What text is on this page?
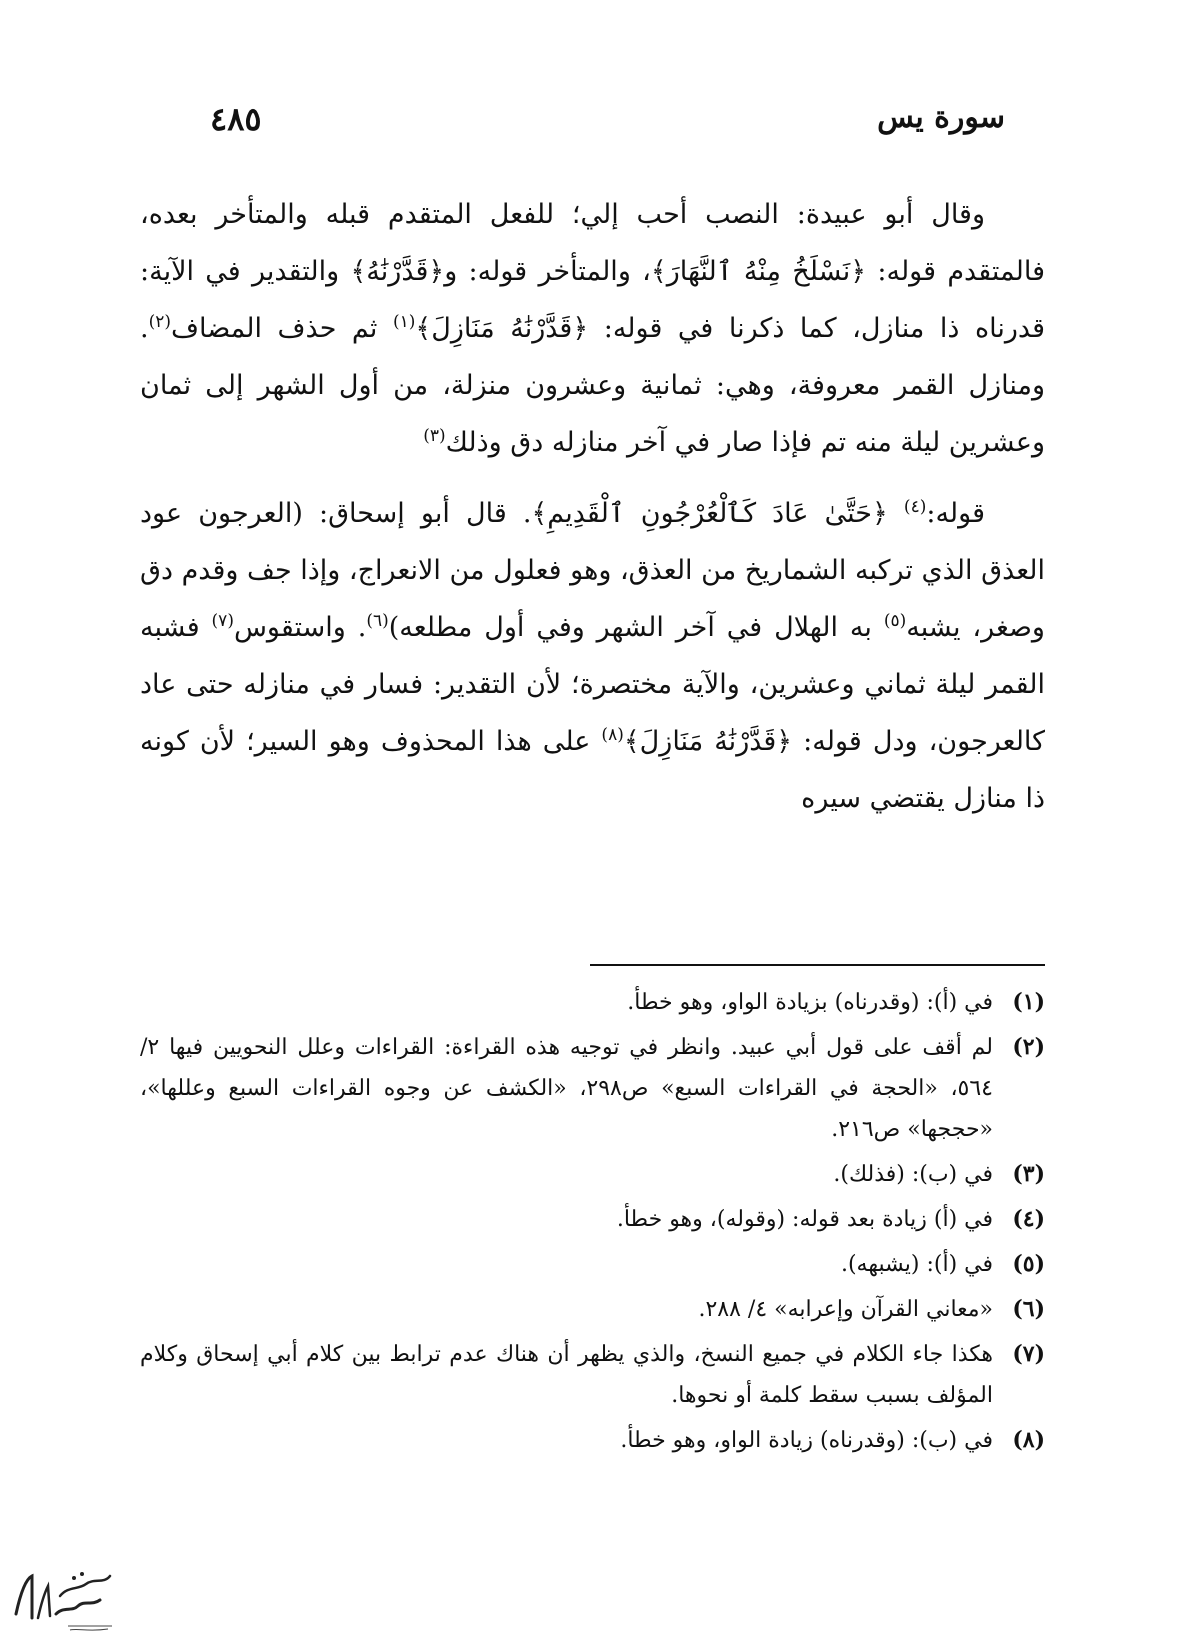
سورة يس
٤٨٥

وقال أبو عبيدة: النصب أحب إلي؛ للفعل المتقدم قبله والمتأخر بعده، فالمتقدم قوله: ﴿نَسْلَخُ مِنْهُ ٱلنَّهَارَ﴾، والمتأخر قوله: و﴿قَدَّرْنَٰهُ﴾ والتقدير في الآية: قدرناه ذا منازل، كما ذكرنا في قوله: ﴿قَدَّرْنَٰهُ مَنَازِلَ﴾$^{(١)}$ ثم حذف المضاف$^{(٢)}$. ومنازل القمر معروفة، وهي: ثمانية وعشرون منزلة، من أول الشهر إلى ثمان وعشرين ليلة منه تم فإذا صار في آخر منازله دق وذلك$^{(٣)}$

قوله:$^{(٤)}$ ﴿حَتَّىٰ عَادَ كَٱلْعُرْجُونِ ٱلْقَدِيمِ﴾. قال أبو إسحاق: (العرجون عود العذق الذي تركبه الشماريخ من العذق، وهو فعلول من الانعراج، وإذا جف وقدم دق وصغر، يشبه$^{(٥)}$ به الهلال في آخر الشهر وفي أول مطلعه)$^{(٦)}$. واستقوس$^{(٧)}$ فشبه القمر ليلة ثماني وعشرين، والآية مختصرة؛ لأن التقدير: فسار في منازله حتى عاد كالعرجون، ودل قوله: ﴿قَدَّرْنَٰهُ مَنَازِلَ﴾$^{(٨)}$ على هذا المحذوف وهو السير؛ لأن كونه ذا منازل يقتضي سيره

(١)
في (أ): (وقدرناه) بزيادة الواو، وهو خطأ.
(٢)
لم أقف على قول أبي عبيد. وانظر في توجيه هذه القراءة: القراءات وعلل النحويين فيها ٢/ ٥٦٤، «الحجة في القراءات السبع» ص٢٩٨، «الكشف عن وجوه القراءات السبع وعللها»، «حججها» ص٢١٦.
(٣)
في (ب): (فذلك).
(٤)
في (أ) زيادة بعد قوله: (وقوله)، وهو خطأ.
(٥)
في (أ): (يشبهه).
(٦)
«معاني القرآن وإعرابه» ٤/ ٢٨٨.
(٧)
هكذا جاء الكلام في جميع النسخ، والذي يظهر أن هناك عدم ترابط بين كلام أبي إسحاق وكلام المؤلف بسبب سقط كلمة أو نحوها.
(٨)
في (ب): (وقدرناه) زيادة الواو، وهو خطأ.
